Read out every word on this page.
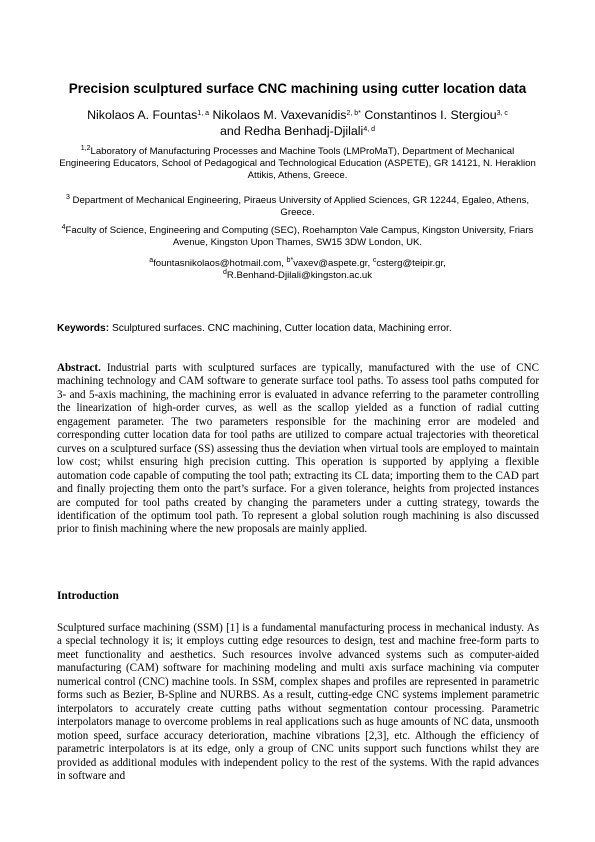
Precision sculptured surface CNC machining using cutter location data
Nikolaos A. Fountas$^{1, a}$ Nikolaos M. Vaxevanidis$^{2, b*}$ Constantinos I. Stergiou$^{3, c}$
and Redha Benhadj-Djilali$^{4, d}$
$^{1,2}$Laboratory of Manufacturing Processes and Machine Tools (LMProMaT), Department of Mechanical Engineering Educators, School of Pedagogical and Technological Education (ASPETE), GR 14121, N. Heraklion Attikis, Athens, Greece.
$^3$ Department of Mechanical Engineering, Piraeus University of Applied Sciences, GR 12244, Egaleo, Athens, Greece.
$^4$Faculty of Science, Engineering and Computing (SEC), Roehampton Vale Campus, Kingston University, Friars Avenue, Kingston Upon Thames, SW15 3DW London, UK.
$^a$fountasnikolaos@hotmail.com, $^{b*}$vaxev@aspete.gr, $^c$csterg@teipir.gr,
$^d$R.Benhand-Djilali@kingston.ac.uk
Keywords: Sculptured surfaces. CNC machining, Cutter location data, Machining error.

Abstract. Industrial parts with sculptured surfaces are typically, manufactured with the use of CNC machining technology and CAM software to generate surface tool paths. To assess tool paths computed for 3- and 5-axis machining, the machining error is evaluated in advance referring to the parameter controlling the linearization of high-order curves, as well as the scallop yielded as a function of radial cutting engagement parameter. The two parameters responsible for the machining error are modeled and corresponding cutter location data for tool paths are utilized to compare actual trajectories with theoretical curves on a sculptured surface (SS) assessing thus the deviation when virtual tools are employed to maintain low cost; whilst ensuring high precision cutting. This operation is supported by applying a flexible automation code capable of computing the tool path; extracting its CL data; importing them to the CAD part and finally projecting them onto the part’s surface. For a given tolerance, heights from projected instances are computed for tool paths created by changing the parameters under a cutting strategy, towards the identification of the optimum tool path. To represent a global solution rough machining is also discussed prior to finish machining where the new proposals are mainly applied.

Introduction

Sculptured surface machining (SSM) [1] is a fundamental manufacturing process in mechanical industy. As a special technology it is; it employs cutting edge resources to design, test and machine free-form parts to meet functionality and aesthetics. Such resources involve advanced systems such as computer-aided manufacturing (CAM) software for machining modeling and multi axis surface machining via computer numerical control (CNC) machine tools. In SSM, complex shapes and profiles are represented in parametric forms such as Bezier, B-Spline and NURBS. As a result, cutting-edge CNC systems implement parametric interpolators to accurately create cutting paths without segmentation contour processing. Parametric interpolators manage to overcome problems in real applications such as huge amounts of NC data, unsmooth motion speed, surface accuracy deterioration, machine vibrations [2,3], etc. Although the efficiency of parametric interpolators is at its edge, only a group of CNC units support such functions whilst they are provided as additional modules with independent policy to the rest of the systems. With the rapid advances in software and
